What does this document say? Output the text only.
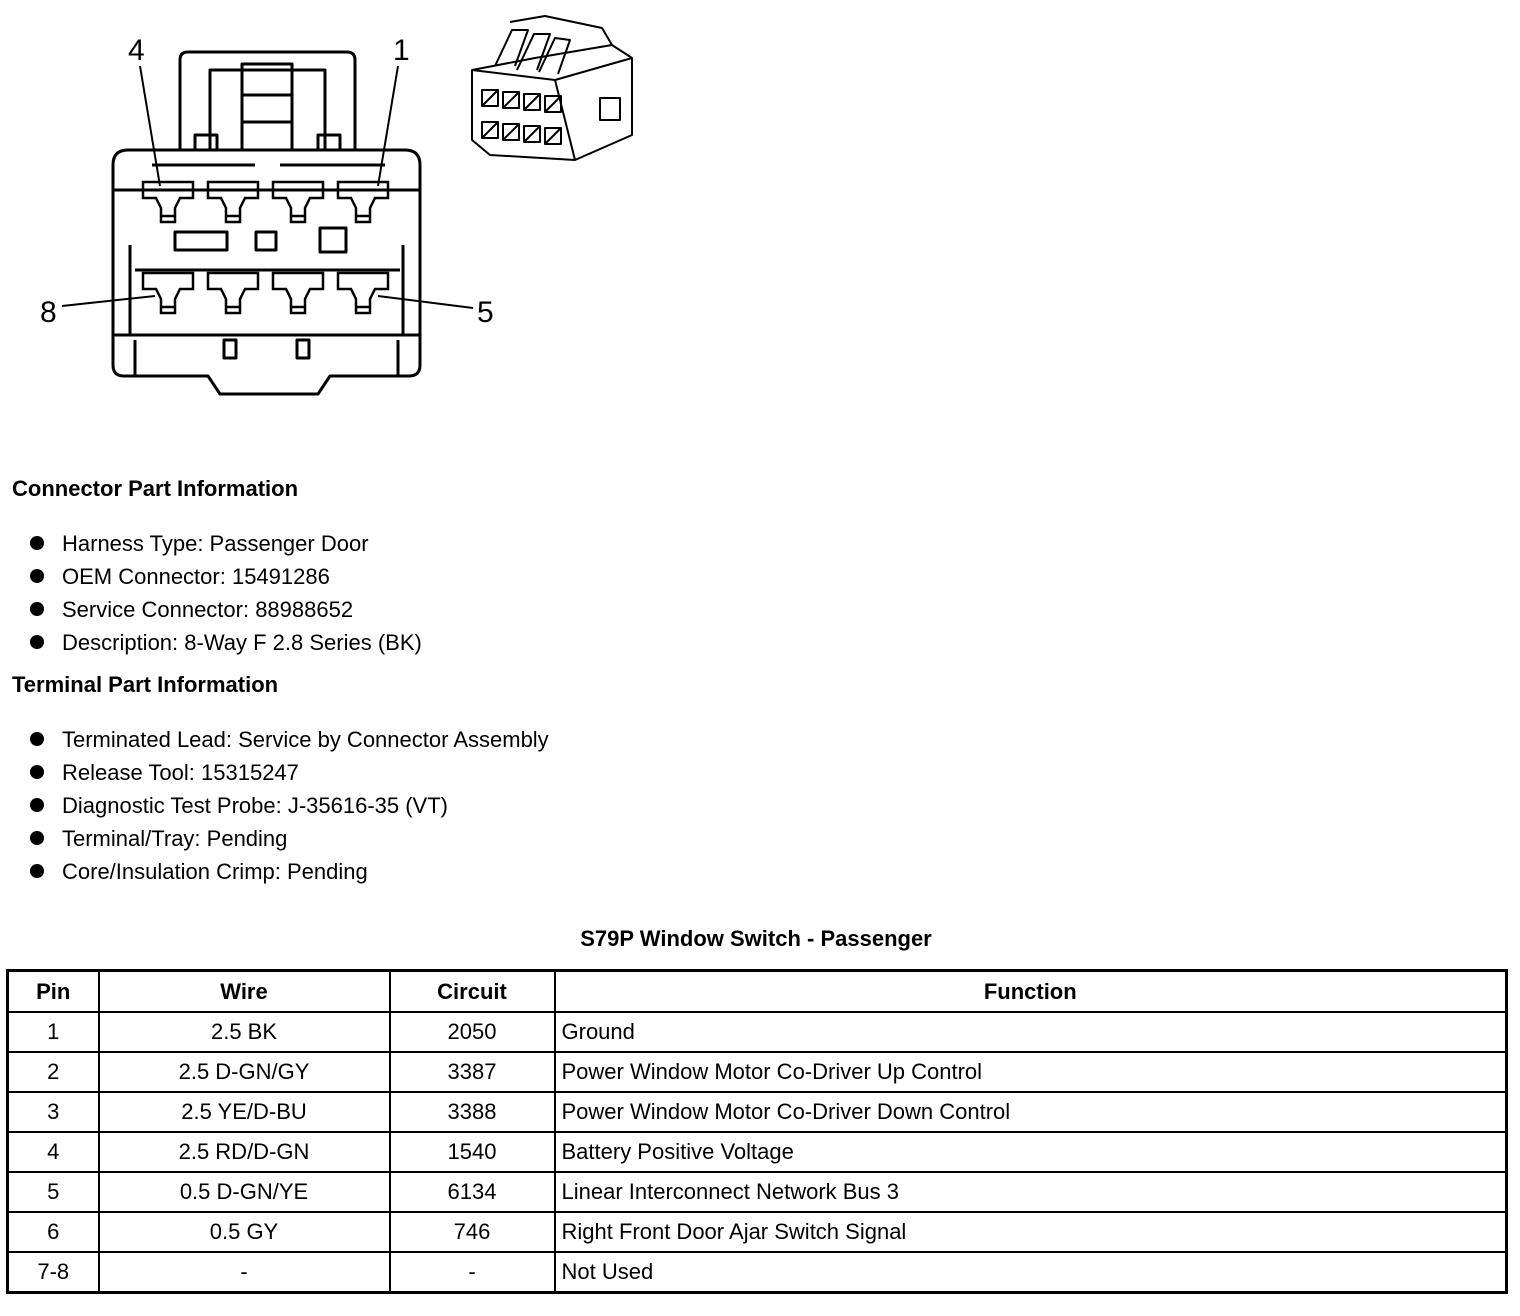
4	1
8	5
Connector Part Information
Harness Type: Passenger Door
OEM Connector: 15491286
Service Connector: 88988652
Description: 8-Way F 2.8 Series (BK)
Terminal Part Information
Terminated Lead: Service by Connector Assembly
Release Tool: 15315247
Diagnostic Test Probe: J-35616-35 (VT)
Terminal/Tray: Pending
Core/Insulation Crimp: Pending
S79P Window Switch - Passenger
Pin	Wire	Circuit	Function
1	2.5 BK	2050	Ground
2	2.5 D-GN/GY	3387	Power Window Motor Co-Driver Up Control
3	2.5 YE/D-BU	3388	Power Window Motor Co-Driver Down Control
4	2.5 RD/D-GN	1540	Battery Positive Voltage
5	0.5 D-GN/YE	6134	Linear Interconnect Network Bus 3
6	0.5 GY	746	Right Front Door Ajar Switch Signal
7-8	-	-	Not Used
